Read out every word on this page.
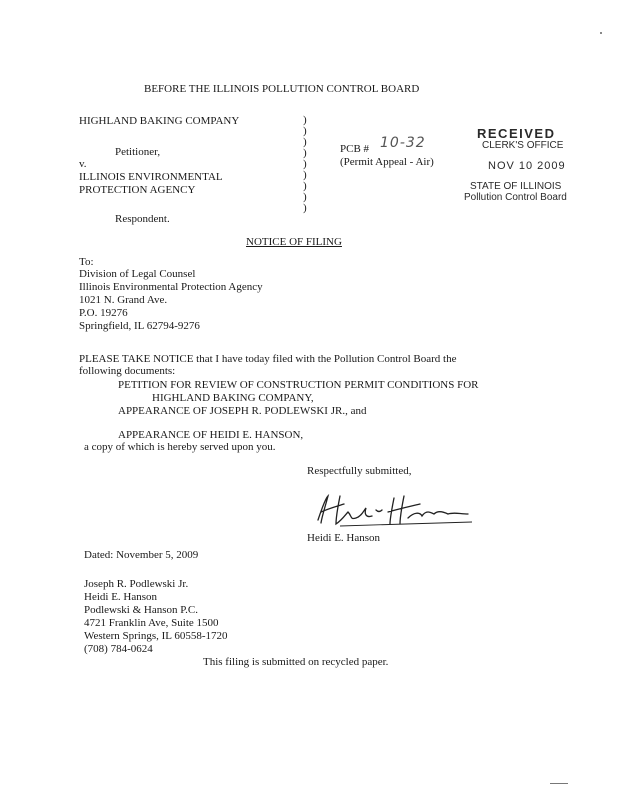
BEFORE THE ILLINOIS POLLUTION CONTROL BOARD
HIGHLAND BAKING COMPANY
Petitioner,
v.
ILLINOIS ENVIRONMENTAL
PROTECTION AGENCY
Respondent.
)
)
)
)
)
)
)
)
)
PCB # 10-32
(Permit Appeal - Air)
RECEIVED
CLERK'S OFFICE
NOV 10 2009
STATE OF ILLINOIS
Pollution Control Board
NOTICE OF FILING
To:
Division of Legal Counsel
Illinois Environmental Protection Agency
1021 N. Grand Ave.
P.O. 19276
Springfield, IL 62794-9276
PLEASE TAKE NOTICE that I have today filed with the Pollution Control Board the
following documents:
PETITION FOR REVIEW OF CONSTRUCTION PERMIT CONDITIONS FOR
HIGHLAND BAKING COMPANY,
APPEARANCE OF JOSEPH R. PODLEWSKI JR., and
APPEARANCE OF HEIDI E. HANSON,
a copy of which is hereby served upon you.
Respectfully submitted,
Heidi E. Hanson
Dated: November 5, 2009
Joseph R. Podlewski Jr.
Heidi E. Hanson
Podlewski & Hanson P.C.
4721 Franklin Ave, Suite 1500
Western Springs, IL 60558-1720
(708) 784-0624
This filing is submitted on recycled paper.
